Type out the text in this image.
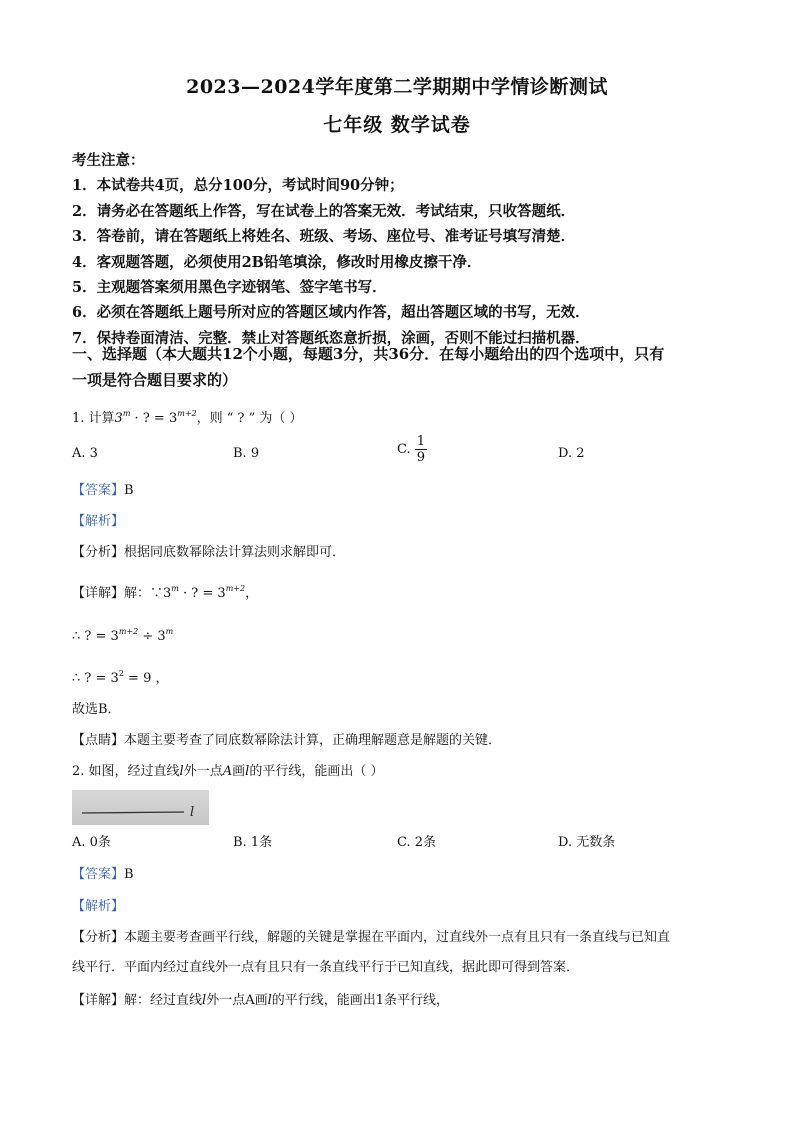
2023—2024学年度第二学期期中学情诊断测试
七年级 数学试卷
考生注意：
1．本试卷共4页，总分100分，考试时间90分钟；
2．请务必在答题纸上作答，写在试卷上的答案无效．考试结束，只收答题纸．
3．答卷前，请在答题纸上将姓名、班级、考场、座位号、准考证号填写清楚．
4．客观题答题，必须使用2B铅笔填涂，修改时用橡皮擦干净．
5．主观题答案须用黑色字迹钢笔、签字笔书写．
6．必须在答题纸上题号所对应的答题区域内作答，超出答题区域的书写，无效．
7．保持卷面清洁、完整．禁止对答题纸恣意折损，涂画，否则不能过扫描机器．
一、选择题（本大题共12个小题，每题3分，共36分．在每小题给出的四个选项中，只有
一项是符合题目要求的）
1. 计算$3^m$ · ? = $3^{m+2}$，则 “ ? ” 为（ ）
A. 3	B. 9	C. $\frac{1}{9}$	D. 2
【答案】B
【解析】
【分析】根据同底数幂除法计算法则求解即可．
【详解】解：$\because 3^m$ · ? = $3^{m+2}$，
∴ ? = $3^{m+2} \div 3^m$
∴ ? = $3^2 = 9$ ，
故选B．
【点睛】本题主要考查了同底数幂除法计算，正确理解题意是解题的关键．
2. 如图，经过直线l外一点A画l的平行线，能画出（ ）
l
A. 0条	B. 1条	C. 2条	D. 无数条
【答案】B
【解析】
【分析】本题主要考查画平行线，解题的关键是掌握在平面内，过直线外一点有且只有一条直线与已知直
线平行．平面内经过直线外一点有且只有一条直线平行于已知直线，据此即可得到答案．
【详解】解：经过直线l外一点A画l的平行线，能画出1条平行线，
